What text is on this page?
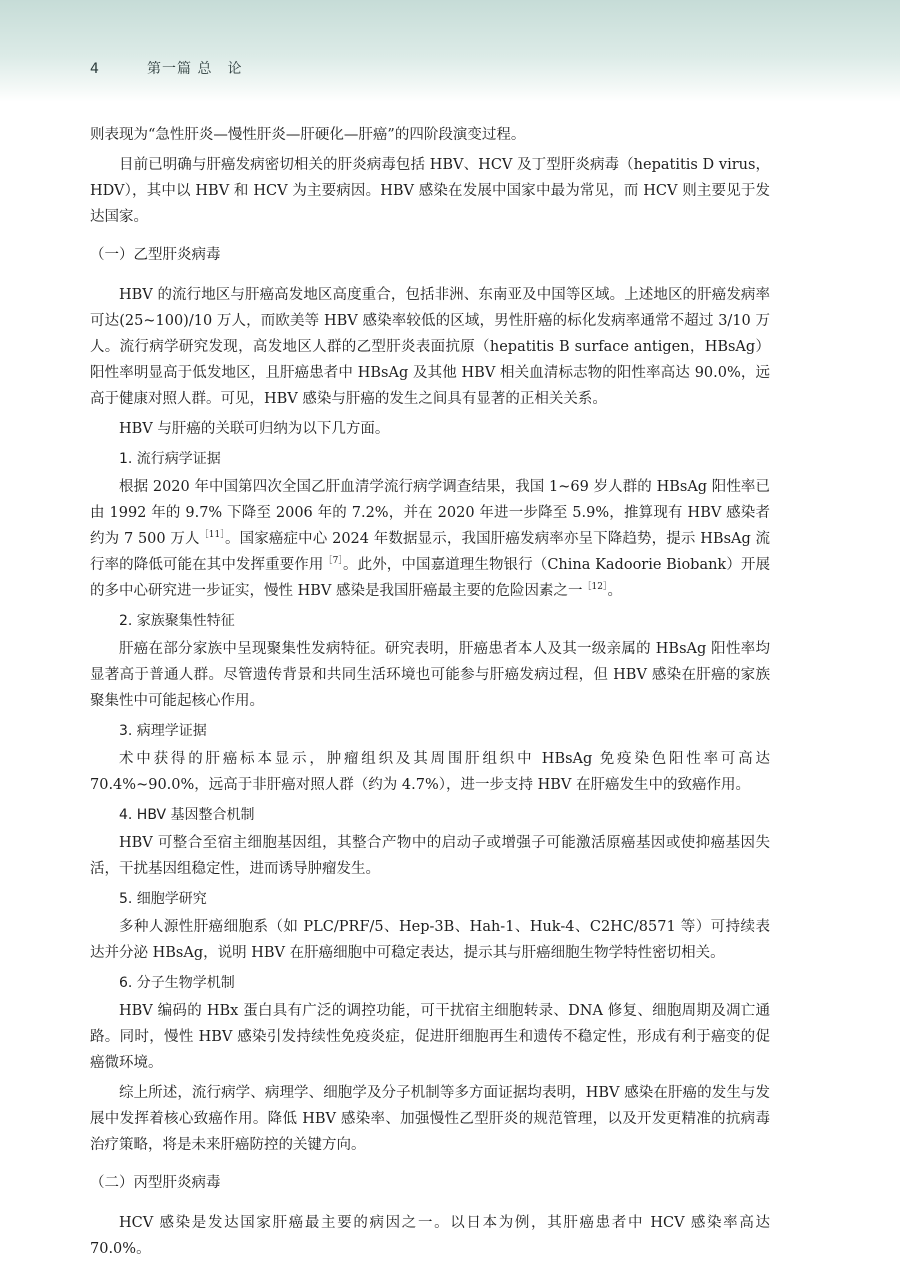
4	第一篇 总　论

则表现为“急性肝炎—慢性肝炎—肝硬化—肝癌”的四阶段演变过程。

目前已明确与肝癌发病密切相关的肝炎病毒包括 HBV、HCV 及丁型肝炎病毒（hepatitis D virus，HDV），其中以 HBV 和 HCV 为主要病因。HBV 感染在发展中国家中最为常见，而 HCV 则主要见于发达国家。

（一）乙型肝炎病毒

HBV 的流行地区与肝癌高发地区高度重合，包括非洲、东南亚及中国等区域。上述地区的肝癌发病率可达(25~100)/10 万人，而欧美等 HBV 感染率较低的区域，男性肝癌的标化发病率通常不超过 3/10 万人。流行病学研究发现，高发地区人群的乙型肝炎表面抗原（hepatitis B surface antigen，HBsAg）阳性率明显高于低发地区，且肝癌患者中 HBsAg 及其他 HBV 相关血清标志物的阳性率高达 90.0%，远高于健康对照人群。可见，HBV 感染与肝癌的发生之间具有显著的正相关关系。

HBV 与肝癌的关联可归纳为以下几方面。

1. 流行病学证据

根据 2020 年中国第四次全国乙肝血清学流行病学调查结果，我国 1~69 岁人群的 HBsAg 阳性率已由 1992 年的 9.7% 下降至 2006 年的 7.2%，并在 2020 年进一步降至 5.9%，推算现有 HBV 感染者约为 7 500 万人$^{[11]}$。国家癌症中心 2024 年数据显示，我国肝癌发病率亦呈下降趋势，提示 HBsAg 流行率的降低可能在其中发挥重要作用$^{[7]}$。此外，中国嘉道理生物银行（China Kadoorie Biobank）开展的多中心研究进一步证实，慢性 HBV 感染是我国肝癌最主要的危险因素之一$^{[12]}$。

2. 家族聚集性特征

肝癌在部分家族中呈现聚集性发病特征。研究表明，肝癌患者本人及其一级亲属的 HBsAg 阳性率均显著高于普通人群。尽管遗传背景和共同生活环境也可能参与肝癌发病过程，但 HBV 感染在肝癌的家族聚集性中可能起核心作用。

3. 病理学证据

术中获得的肝癌标本显示，肿瘤组织及其周围肝组织中 HBsAg 免疫染色阳性率可高达 70.4%~90.0%，远高于非肝癌对照人群（约为 4.7%），进一步支持 HBV 在肝癌发生中的致癌作用。

4. HBV 基因整合机制

HBV 可整合至宿主细胞基因组，其整合产物中的启动子或增强子可能激活原癌基因或使抑癌基因失活，干扰基因组稳定性，进而诱导肿瘤发生。

5. 细胞学研究

多种人源性肝癌细胞系（如 PLC/PRF/5、Hep-3B、Hah-1、Huk-4、C2HC/8571 等）可持续表达并分泌 HBsAg，说明 HBV 在肝癌细胞中可稳定表达，提示其与肝癌细胞生物学特性密切相关。

6. 分子生物学机制

HBV 编码的 HBx 蛋白具有广泛的调控功能，可干扰宿主细胞转录、DNA 修复、细胞周期及凋亡通路。同时，慢性 HBV 感染引发持续性免疫炎症，促进肝细胞再生和遗传不稳定性，形成有利于癌变的促癌微环境。

综上所述，流行病学、病理学、细胞学及分子机制等多方面证据均表明，HBV 感染在肝癌的发生与发展中发挥着核心致癌作用。降低 HBV 感染率、加强慢性乙型肝炎的规范管理，以及开发更精准的抗病毒治疗策略，将是未来肝癌防控的关键方向。

（二）丙型肝炎病毒

HCV 感染是发达国家肝癌最主要的病因之一。以日本为例，其肝癌患者中 HCV 感染率高达 70.0%。
